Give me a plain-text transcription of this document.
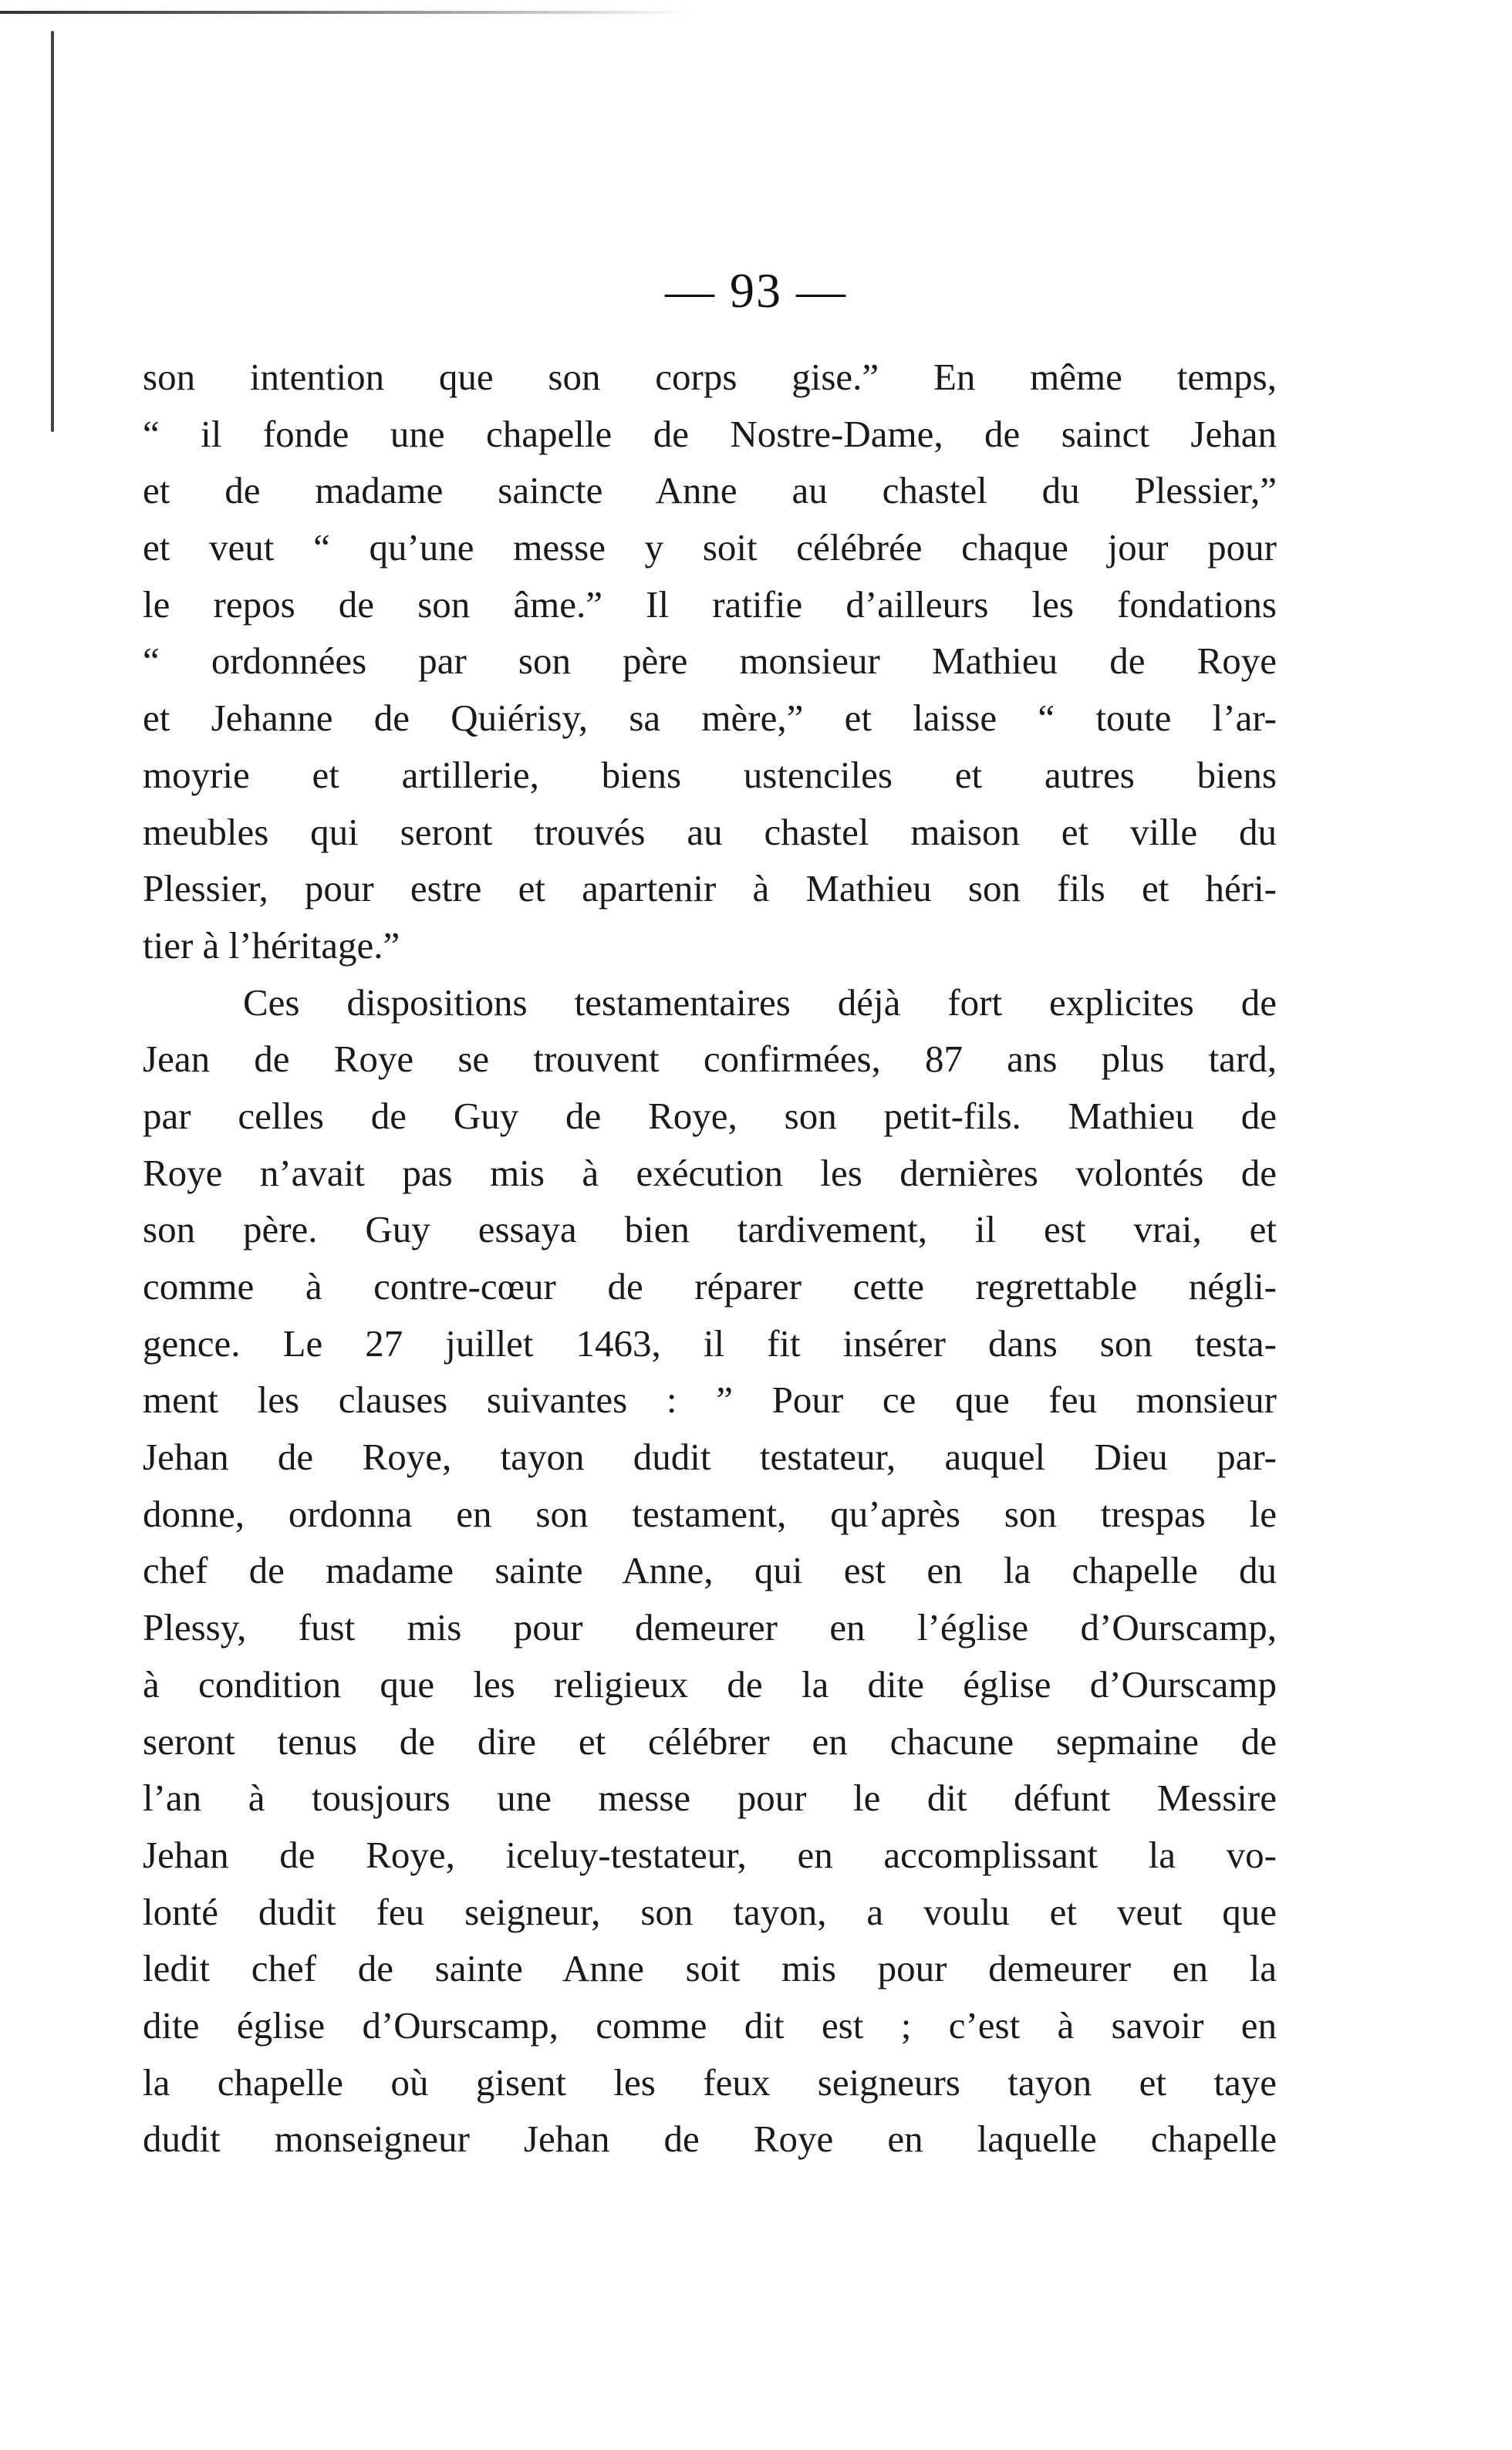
— 93 —
son intention que son corps gise.” En même temps,
“ il fonde une chapelle de Nostre-Dame, de sainct Jehan
et de madame saincte Anne au chastel du Plessier,”
et veut “ qu’une messe y soit célébrée chaque jour pour
le repos de son âme.” Il ratifie d’ailleurs les fondations
“ ordonnées par son père monsieur Mathieu de Roye
et Jehanne de Quiérisy, sa mère,” et laisse “ toute l’ar-
moyrie et artillerie, biens ustenciles et autres biens
meubles qui seront trouvés au chastel maison et ville du
Plessier, pour estre et apartenir à Mathieu son fils et héri-
tier à l’héritage.”
Ces dispositions testamentaires déjà fort explicites de
Jean de Roye se trouvent confirmées, 87 ans plus tard,
par celles de Guy de Roye, son petit-fils. Mathieu de
Roye n’avait pas mis à exécution les dernières volontés de
son père. Guy essaya bien tardivement, il est vrai, et
comme à contre-cœur de réparer cette regrettable négli-
gence. Le 27 juillet 1463, il fit insérer dans son testa-
ment les clauses suivantes : ” Pour ce que feu monsieur
Jehan de Roye, tayon dudit testateur, auquel Dieu par-
donne, ordonna en son testament, qu’après son trespas le
chef de madame sainte Anne, qui est en la chapelle du
Plessy, fust mis pour demeurer en l’église d’Ourscamp,
à condition que les religieux de la dite église d’Ourscamp
seront tenus de dire et célébrer en chacune sepmaine de
l’an à tousjours une messe pour le dit défunt Messire
Jehan de Roye, iceluy-testateur, en accomplissant la vo-
lonté dudit feu seigneur, son tayon, a voulu et veut que
ledit chef de sainte Anne soit mis pour demeurer en la
dite église d’Ourscamp, comme dit est ; c’est à savoir en
la chapelle où gisent les feux seigneurs tayon et taye
dudit monseigneur Jehan de Roye en laquelle chapelle
